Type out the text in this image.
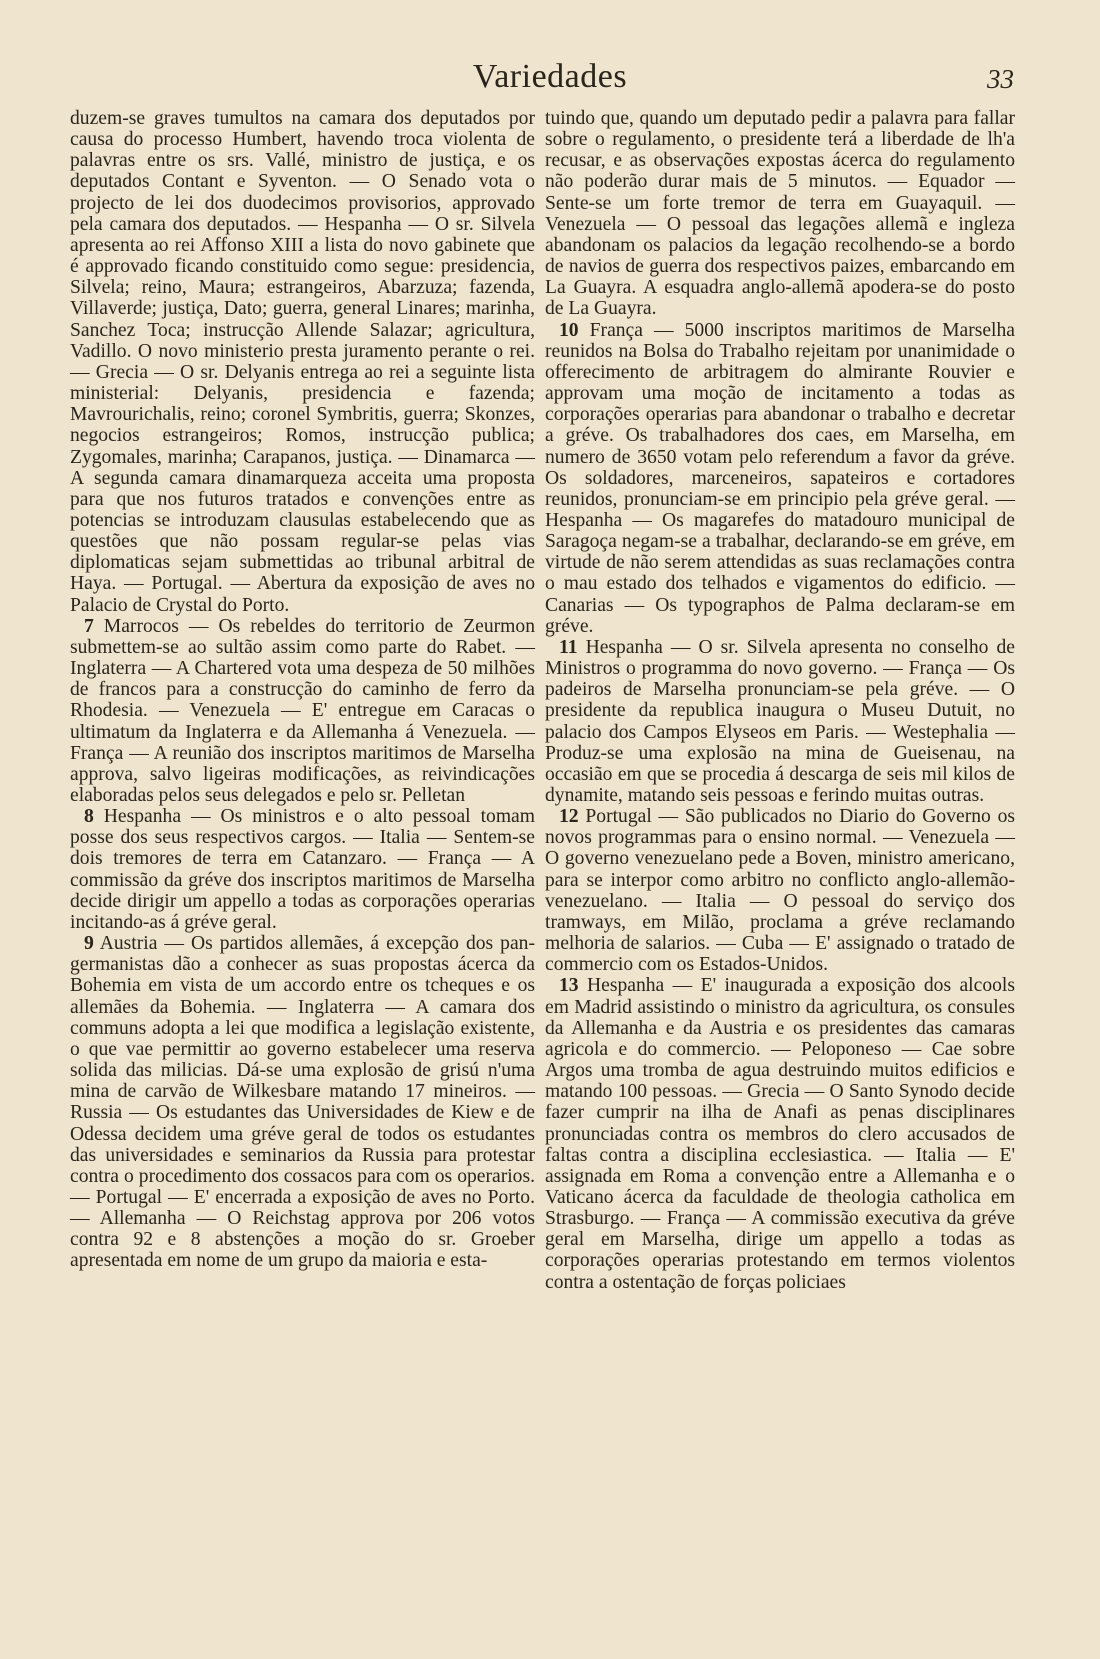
Variedades	33

duzem-se graves tumultos na camara dos deputados por causa do processo Humbert, havendo troca violenta de palavras entre os srs. Vallé, ministro de justiça, e os deputados Contant e Syventon. — O Senado vota o projecto de lei dos duodecimos provisorios, approvado pela camara dos deputados. — Hespanha — O sr. Silvela apresenta ao rei Affonso XIII a lista do novo gabinete que é approvado ficando constituido como segue: presidencia, Silvela; reino, Maura; estrangeiros, Abarzuza; fazenda, Villaverde; justiça, Dato; guerra, general Linares; marinha, Sanchez Toca; instrucção Allende Salazar; agricultura, Vadillo. O novo ministerio presta juramento perante o rei. — Grecia — O sr. Delyanis entrega ao rei a seguinte lista ministerial: Delyanis, presidencia e fazenda; Mavrourichalis, reino; coronel Symbritis, guerra; Skonzes, negocios estrangeiros; Romos, instrucção publica; Zygomales, marinha; Carapanos, justiça. — Dinamarca — A segunda camara dinamarqueza acceita uma proposta para que nos futuros tratados e convenções entre as potencias se introduzam clausulas estabelecendo que as questões que não possam regular-se pelas vias diplomaticas sejam submettidas ao tribunal arbitral de Haya. — Portugal. — Abertura da exposição de aves no Palacio de Crystal do Porto.

7 Marrocos — Os rebeldes do territorio de Zeurmon submettem-se ao sultão assim como parte do Rabet. — Inglaterra — A Chartered vota uma despeza de 50 milhões de francos para a construcção do caminho de ferro da Rhodesia. — Venezuela — E' entregue em Caracas o ultimatum da Inglaterra e da Allemanha á Venezuela. — França — A reunião dos inscriptos maritimos de Marselha approva, salvo ligeiras modificações, as reivindicações elaboradas pelos seus delegados e pelo sr. Pelletan

8 Hespanha — Os ministros e o alto pessoal tomam posse dos seus respectivos cargos. — Italia — Sentem-se dois tremores de terra em Catanzaro. — França — A commissão da gréve dos inscriptos maritimos de Marselha decide dirigir um appello a todas as corporações operarias incitando-as á gréve geral.

9 Austria — Os partidos allemães, á excepção dos pan-germanistas dão a conhecer as suas propostas ácerca da Bohemia em vista de um accordo entre os tcheques e os allemães da Bohemia. — Inglaterra — A camara dos communs adopta a lei que modifica a legislação existente, o que vae permittir ao governo estabelecer uma reserva solida das milicias. Dá-se uma explosão de grisú n'uma mina de carvão de Wilkesbare matando 17 mineiros. — Russia — Os estudantes das Universidades de Kiew e de Odessa decidem uma gréve geral de todos os estudantes das universidades e seminarios da Russia para protestar contra o procedimento dos cossacos para com os operarios. — Portugal — E' encerrada a exposição de aves no Porto. — Allemanha — O Reichstag approva por 206 votos contra 92 e 8 abstenções a moção do sr. Groeber apresentada em nome de um grupo da maioria e esta-

tuindo que, quando um deputado pedir a palavra para fallar sobre o regulamento, o presidente terá a liberdade de lh'a recusar, e as observações expostas ácerca do regulamento não poderão durar mais de 5 minutos. — Equador — Sente-se um forte tremor de terra em Guayaquil. — Venezuela — O pessoal das legações allemã e ingleza abandonam os palacios da legação recolhendo-se a bordo de navios de guerra dos respectivos paizes, embarcando em La Guayra. A esquadra anglo-allemã apodera-se do posto de La Guayra.

10 França — 5000 inscriptos maritimos de Marselha reunidos na Bolsa do Trabalho rejeitam por unanimidade o offerecimento de arbitragem do almirante Rouvier e approvam uma moção de incitamento a todas as corporações operarias para abandonar o trabalho e decretar a gréve. Os trabalhadores dos caes, em Marselha, em numero de 3650 votam pelo referendum a favor da gréve. Os soldadores, marceneiros, sapateiros e cortadores reunidos, pronunciam-se em principio pela gréve geral. — Hespanha — Os magarefes do matadouro municipal de Saragoça negam-se a trabalhar, declarando-se em gréve, em virtude de não serem attendidas as suas reclamações contra o mau estado dos telhados e vigamentos do edificio. — Canarias — Os typographos de Palma declaram-se em gréve.

11 Hespanha — O sr. Silvela apresenta no conselho de Ministros o programma do novo governo. — França — Os padeiros de Marselha pronunciam-se pela gréve. — O presidente da republica inaugura o Museu Dutuit, no palacio dos Campos Elyseos em Paris. — Westephalia — Produz-se uma explosão na mina de Gueisenau, na occasião em que se procedia á descarga de seis mil kilos de dynamite, matando seis pessoas e ferindo muitas outras.

12 Portugal — São publicados no Diario do Governo os novos programmas para o ensino normal. — Venezuela — O governo venezuelano pede a Boven, ministro americano, para se interpor como arbitro no conflicto anglo-allemão-venezuelano. — Italia — O pessoal do serviço dos tramways, em Milão, proclama a gréve reclamando melhoria de salarios. — Cuba — E' assignado o tratado de commercio com os Estados-Unidos.

13 Hespanha — E' inaugurada a exposição dos alcools em Madrid assistindo o ministro da agricultura, os consules da Allemanha e da Austria e os presidentes das camaras agricola e do commercio. — Peloponeso — Cae sobre Argos uma tromba de agua destruindo muitos edificios e matando 100 pessoas. — Grecia — O Santo Synodo decide fazer cumprir na ilha de Anafi as penas disciplinares pronunciadas contra os membros do clero accusados de faltas contra a disciplina ecclesiastica. — Italia — E' assignada em Roma a convenção entre a Allemanha e o Vaticano ácerca da faculdade de theologia catholica em Strasburgo. — França — A commissão executiva da gréve geral em Marselha, dirige um appello a todas as corporações operarias protestando em termos violentos contra a ostentação de forças policiaes
